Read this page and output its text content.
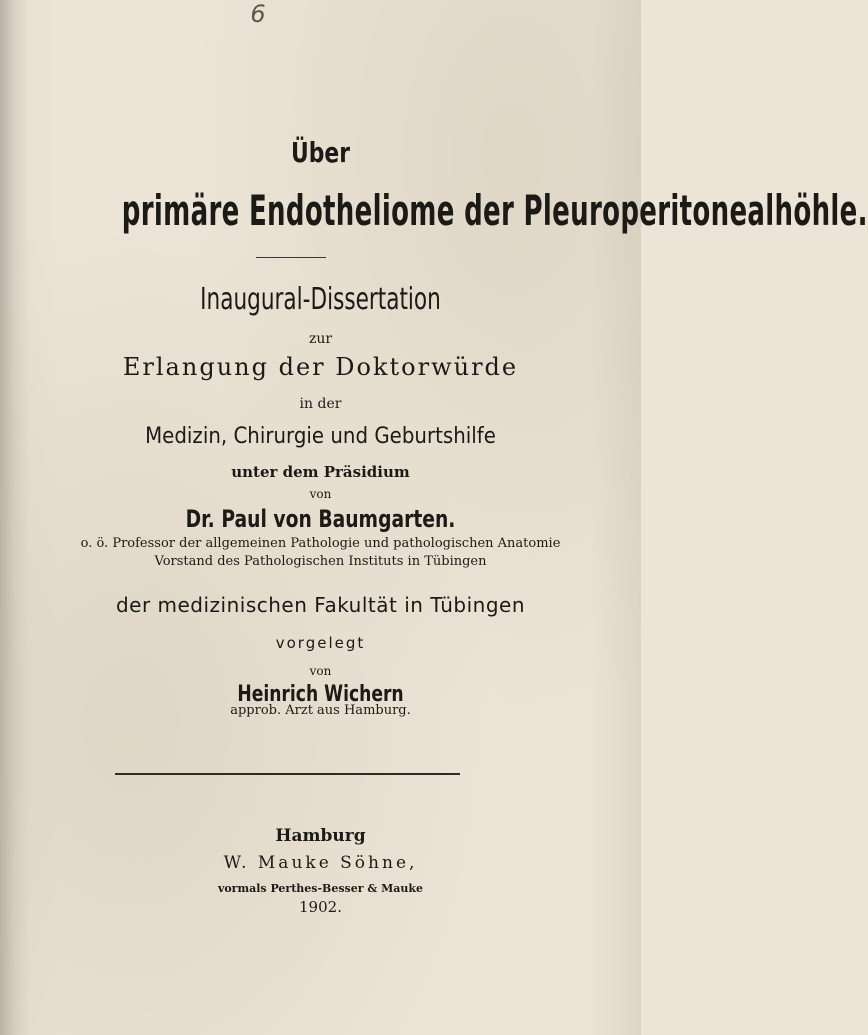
6
Über
primäre Endotheliome der Pleuroperitonealhöhle.
Inaugural-Dissertation
zur
Erlangung der Doktorwürde
in der
Medizin, Chirurgie und Geburtshilfe
unter dem Präsidium
von
Dr. Paul von Baumgarten.
o. ö. Professor der allgemeinen Pathologie und pathologischen Anatomie
Vorstand des Pathologischen Instituts in Tübingen
der medizinischen Fakultät in Tübingen
vorgelegt
von
Heinrich Wichern
approb. Arzt aus Hamburg.
Hamburg
W. Mauke Söhne,
vormals Perthes-Besser & Mauke
1902.
